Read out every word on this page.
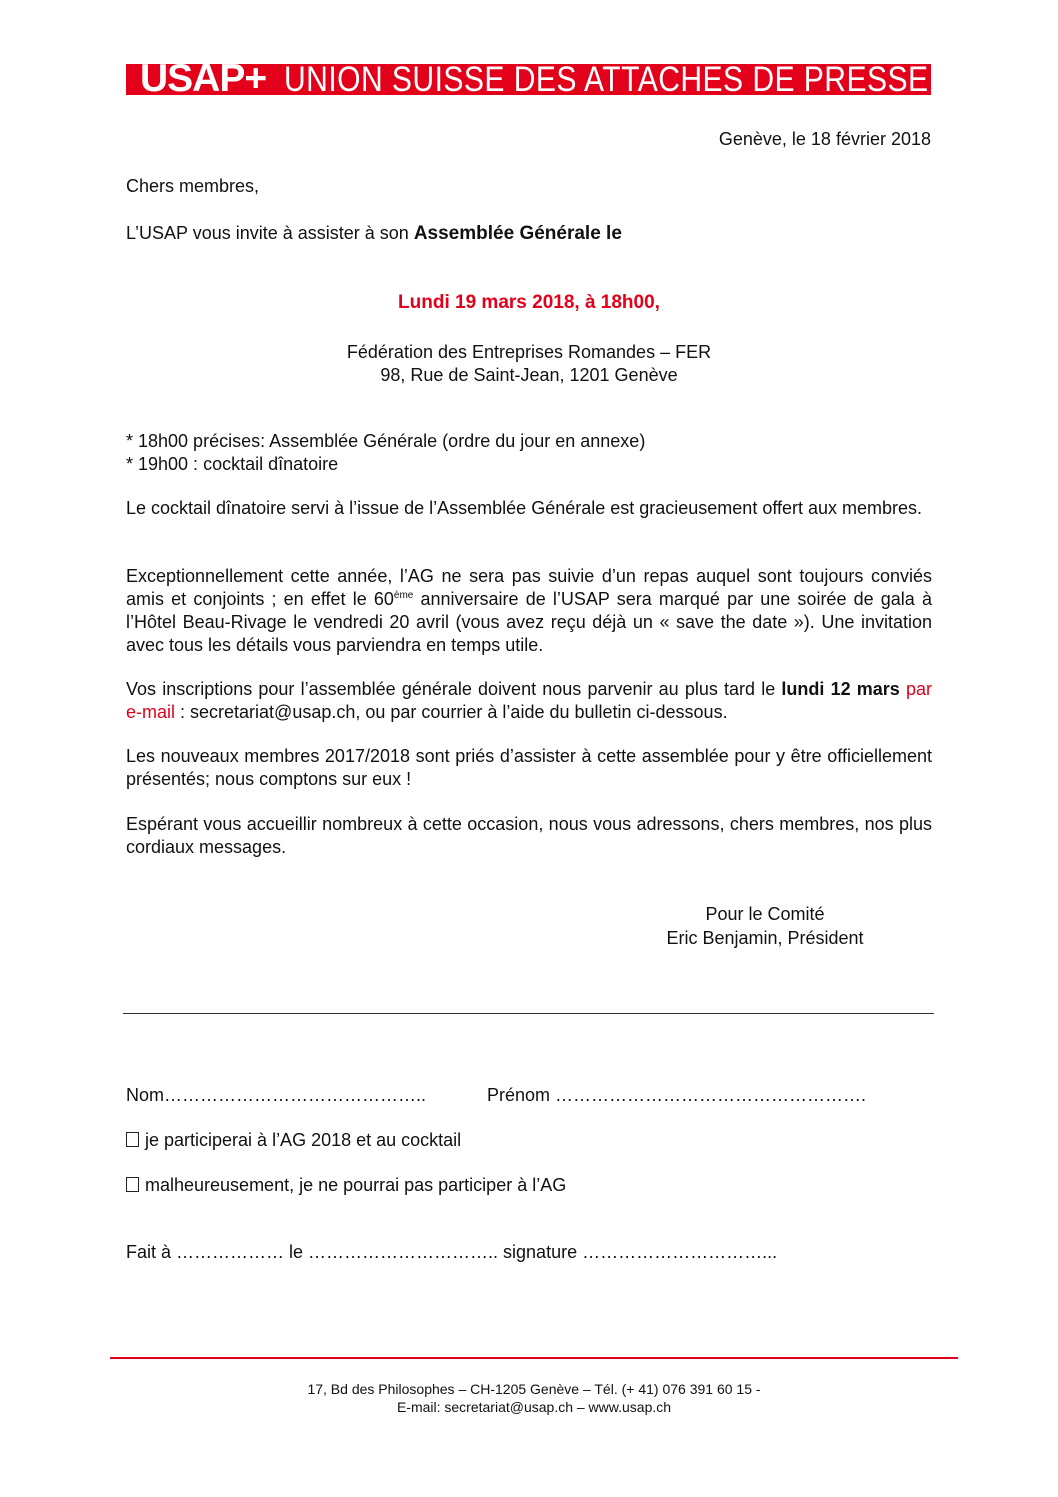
USAP+ UNION SUISSE DES ATTACHES DE PRESSE
Genève, le 18 février 2018
Chers membres,
L’USAP vous invite à assister à son Assemblée Générale le
Lundi 19 mars 2018, à 18h00,
Fédération des Entreprises Romandes – FER
98, Rue de Saint-Jean, 1201 Genève
* 18h00 précises: Assemblée Générale (ordre du jour en annexe)
* 19h00 : cocktail dînatoire
Le cocktail dînatoire servi à l’issue de l’Assemblée Générale est gracieusement offert aux membres.
Exceptionnellement cette année, l’AG ne sera pas suivie d’un repas auquel sont toujours conviés amis et conjoints ; en effet le 60ème anniversaire de l’USAP sera marqué par une soirée de gala à l’Hôtel Beau-Rivage le vendredi 20 avril (vous avez reçu déjà un « save the date »). Une invitation avec tous les détails vous parviendra en temps utile.
Vos inscriptions pour l’assemblée générale doivent nous parvenir au plus tard le lundi 12 mars par e-mail : secretariat@usap.ch, ou par courrier à l’aide du bulletin ci-dessous.
Les nouveaux membres 2017/2018 sont priés d’assister à cette assemblée pour y être officiellement présentés; nous comptons sur eux !
Espérant vous accueillir nombreux à cette occasion, nous vous adressons, chers membres, nos plus cordiaux messages.
Pour le Comité
Eric Benjamin, Président
Nom……………………………………..	Prénom …………………………………………….
je participerai à l’AG 2018 et au cocktail
malheureusement, je ne pourrai pas participer à l’AG
Fait à ……………… le ………………………….. signature …………………………...
17, Bd des Philosophes – CH-1205 Genève – Tél. (+ 41) 076 391 60 15 -
E-mail: secretariat@usap.ch – www.usap.ch
